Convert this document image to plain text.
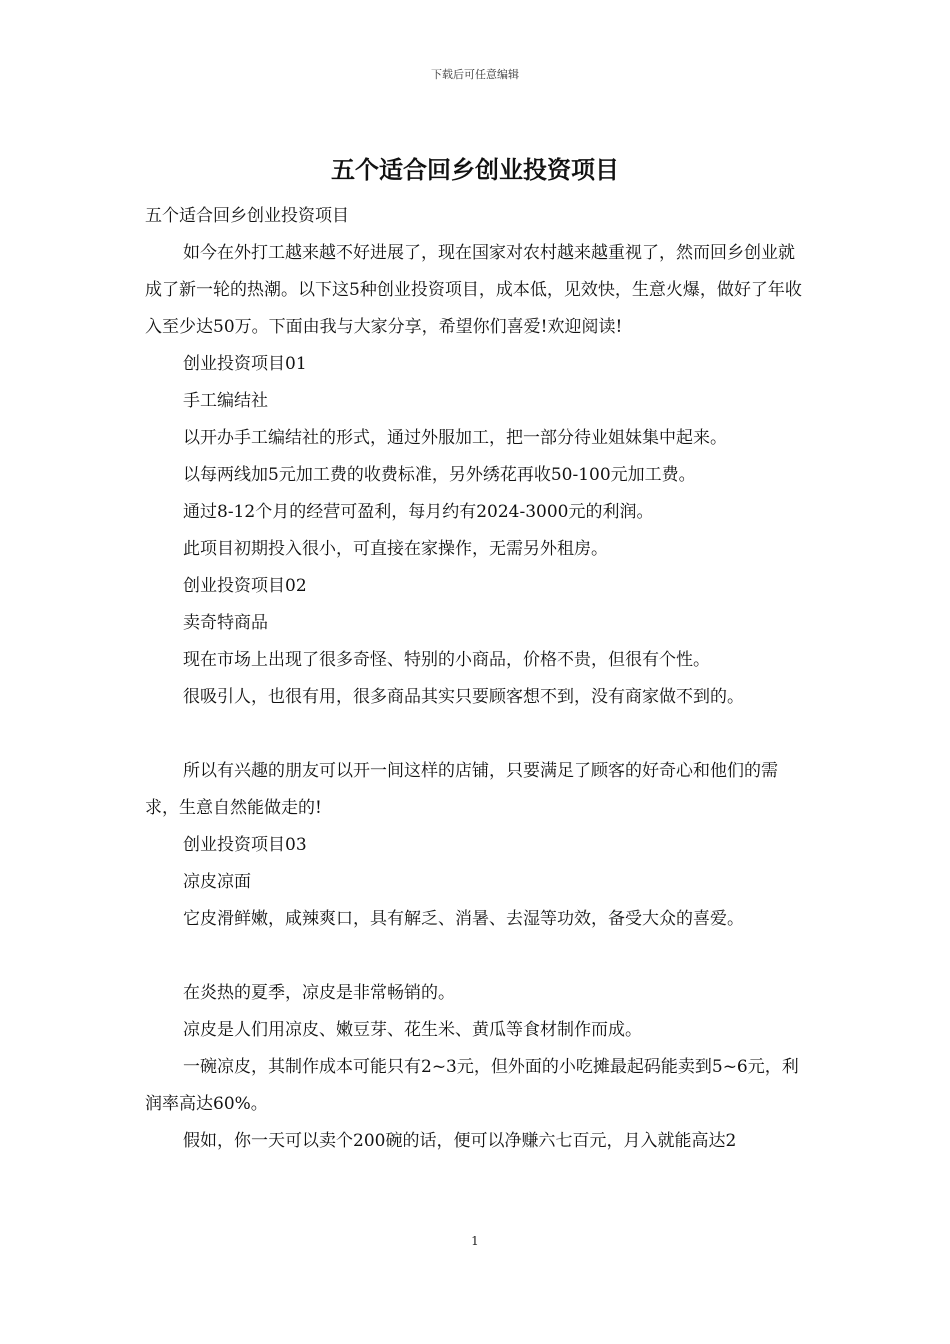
下载后可任意编辑
五个适合回乡创业投资项目

五个适合回乡创业投资项目

如今在外打工越来越不好进展了，现在国家对农村越来越重视了，然而回乡创业就成了新一轮的热潮。以下这5种创业投资项目，成本低，见效快，生意火爆，做好了年收入至少达50万。下面由我与大家分享，希望你们喜爱!欢迎阅读!

创业投资项目01

手工编结社

以开办手工编结社的形式，通过外服加工，把一部分待业姐妹集中起来。

以每两线加5元加工费的收费标准，另外绣花再收50-100元加工费。

通过8-12个月的经营可盈利，每月约有2024-3000元的利润。

此项目初期投入很小，可直接在家操作，无需另外租房。

创业投资项目02

卖奇特商品

现在市场上出现了很多奇怪、特别的小商品，价格不贵，但很有个性。

很吸引人，也很有用，很多商品其实只要顾客想不到，没有商家做不到的。

所以有兴趣的朋友可以开一间这样的店铺，只要满足了顾客的好奇心和他们的需求，生意自然能做走的!

创业投资项目03

凉皮凉面

它皮滑鲜嫩，咸辣爽口，具有解乏、消暑、去湿等功效，备受大众的喜爱。

在炎热的夏季，凉皮是非常畅销的。

凉皮是人们用凉皮、嫩豆芽、花生米、黄瓜等食材制作而成。

一碗凉皮，其制作成本可能只有2~3元，但外面的小吃摊最起码能卖到5~6元，利润率高达60%。

假如，你一天可以卖个200碗的话，便可以净赚六七百元，月入就能高达2

1
